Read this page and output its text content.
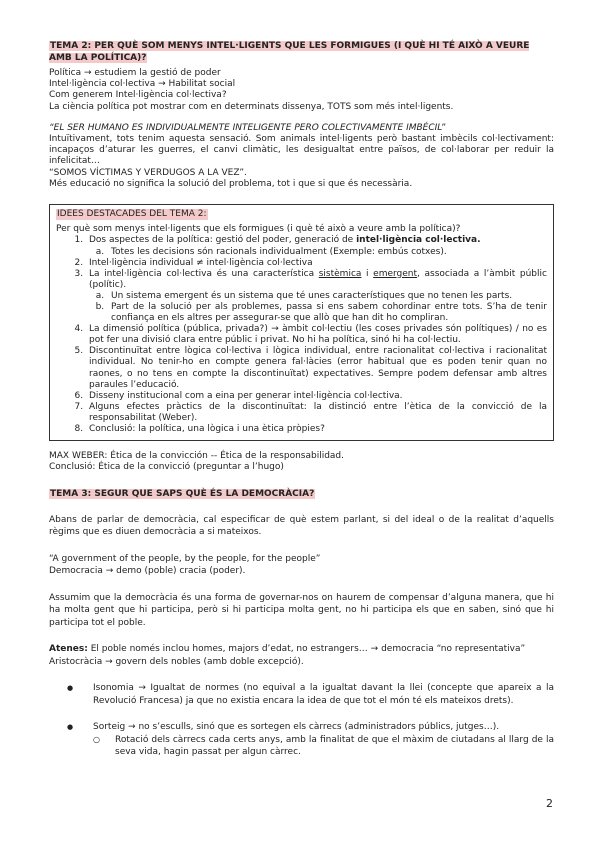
TEMA 2: PER QUÈ SOM MENYS INTEL·LIGENTS QUE LES FORMIGUES (I QUÈ HI TÉ AIXÒ A VEURE AMB LA POLÍTICA)?

Política → estudiem la gestió de poder

Intel·ligència col·lectiva → Habilitat social

Com generem Intel·ligència col·lectiva?

La ciència política pot mostrar com en determinats dissenya, TOTS som més intel·ligents.

“EL SER HUMANO ES INDIVIDUALMENTE INTELIGENTE PERO COLECTIVAMENTE IMBÉCIL”

Intuïtivament, tots tenim aquesta sensació. Som animals intel·ligents però bastant imbècils col·lectivament: incapaços d’aturar les guerres, el canvi climàtic, les desigualtat entre països, de col·laborar per reduir la infelicitat…

“SOMOS VÍCTIMAS Y VERDUGOS A LA VEZ”.

Més educació no significa la solució del problema, tot i que si que és necessària.

IDEES DESTACADES DEL TEMA 2:

Per què som menys intel·ligents que els formigues (i què té això a veure amb la política)?

1. Dos aspectes de la política: gestió del poder, generació de intel·ligència col·lectiva.
a. Totes les decisions són racionals individualment (Exemple: embús cotxes).
2. Intel·ligència individual ≠ intel·ligència col·lectiva
3. La intel·ligència col·lectiva és una característica sistèmica i emergent, associada a l’àmbit públic (polític).
a. Un sistema emergent és un sistema que té unes característiques que no tenen les parts.
b. Part de la solució per als problemes, passa si ens sabem cohordinar entre tots. S’ha de tenir confiança en els altres per assegurar-se que allò que han dit ho compliran.
4. La dimensió política (pública, privada?) → àmbit col·lectiu (les coses privades són polítiques) / no es pot fer una divisió clara entre públic i privat. No hi ha política, sinó hi ha col·lectiu.
5. Discontinuïtat entre lògica col·lectiva i lògica individual, entre racionalitat col·lectiva i racionalitat individual. No tenir-ho en compte genera fal·làcies (error habitual que es poden tenir quan no raones, o no tens en compte la discontinuïtat) expectatives. Sempre podem defensar amb altres paraules l’educació.
6. Disseny institucional com a eina per generar intel·ligència col·lectiva.
7. Alguns efectes pràctics de la discontinuïtat: la distinció entre l’ètica de la convicció de la responsabilitat (Weber).
8. Conclusió: la política, una lògica i una ètica pròpies?

MAX WEBER: Ética de la convicción -- Ética de la responsabilidad.

Conclusió: Ética de la convicció (preguntar a l’hugo)

TEMA 3: SEGUR QUE SAPS QUÈ ÉS LA DEMOCRÀCIA?

Abans de parlar de democràcia, cal especificar de què estem parlant, si del ideal o de la realitat d’aquells règims que es diuen democràcia a si mateixos.

“A government of the people, by the people, for the people”

Democracia → demo (poble) cracia (poder).

Assumim que la democràcia és una forma de governar-nos on haurem de compensar d’alguna manera, que hi ha molta gent que hi participa, però si hi participa molta gent, no hi participa els que en saben, sinó que hi participa tot el poble.

Atenes: El poble només inclou homes, majors d’edat, no estrangers… → democracia “no representativa”

Aristocràcia → govern dels nobles (amb doble excepció).

● Isonomia → Igualtat de normes (no equival a la igualtat davant la llei (concepte que apareix a la Revolució Francesa) ja que no existia encara la idea de que tot el món té els mateixos drets).
● Sorteig → no s’esculls, sinó que es sortegen els càrrecs (administradors públics, jutges…).
○ Rotació dels càrrecs cada certs anys, amb la finalitat de que el màxim de ciutadans al llarg de la seva vida, hagin passat per algun càrrec.
2
